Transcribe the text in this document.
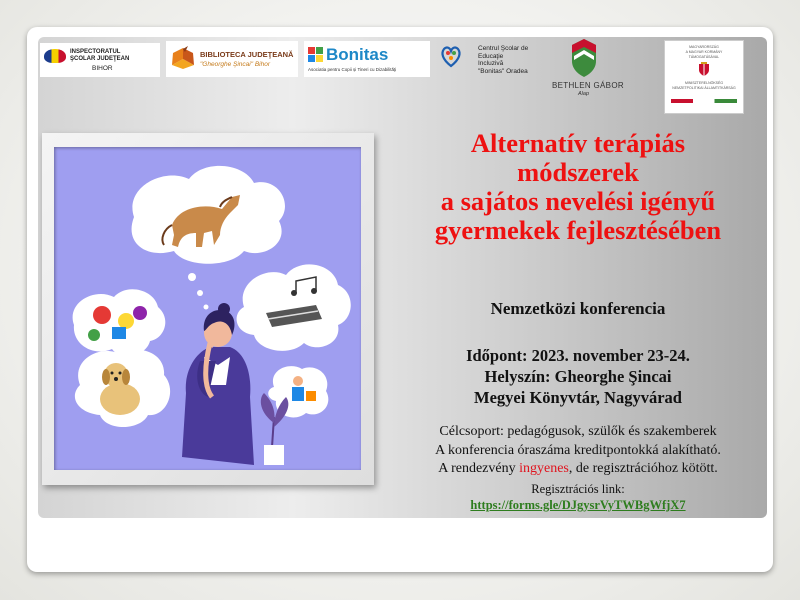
INSPECTORATUL
ŞCOLAR JUDEŢEAN
BIHOR
BIBLIOTECA JUDEŢEANĂ
"Gheorghe Şincai" Bihor
Bonitas
Asociatia pentru Copii și Tineri cu Dizabilităţi
Centrul Şcolar de
Educaţie
Incluzivă
"Bonitas" Oradea
BETHLEN GÁBOR
Alap
MAGYARORSZÁG
A MAGYAR KORMÁNY
TÁMOGATÁSÁVAL
MINISZTERELNÖKSÉG
NEMZETPOLITIKAI ÁLLAMTITKÁRSÁG
Alternatív terápiás
módszerek
a sajátos nevelési igényű
gyermekek fejlesztésében
Nemzetközi konferencia
Időpont: 2023. november 23-24.
Helyszín: Gheorghe Şincai
Megyei Könyvtár, Nagyvárad
Célcsoport: pedagógusok, szülők és szakemberek
A konferencia óraszáma kreditpontokká alakítható.
A rendezvény ingyenes, de regisztrációhoz kötött.
Regisztrációs link:
https://forms.gle/DJgysrVyTWBgWfjX7
